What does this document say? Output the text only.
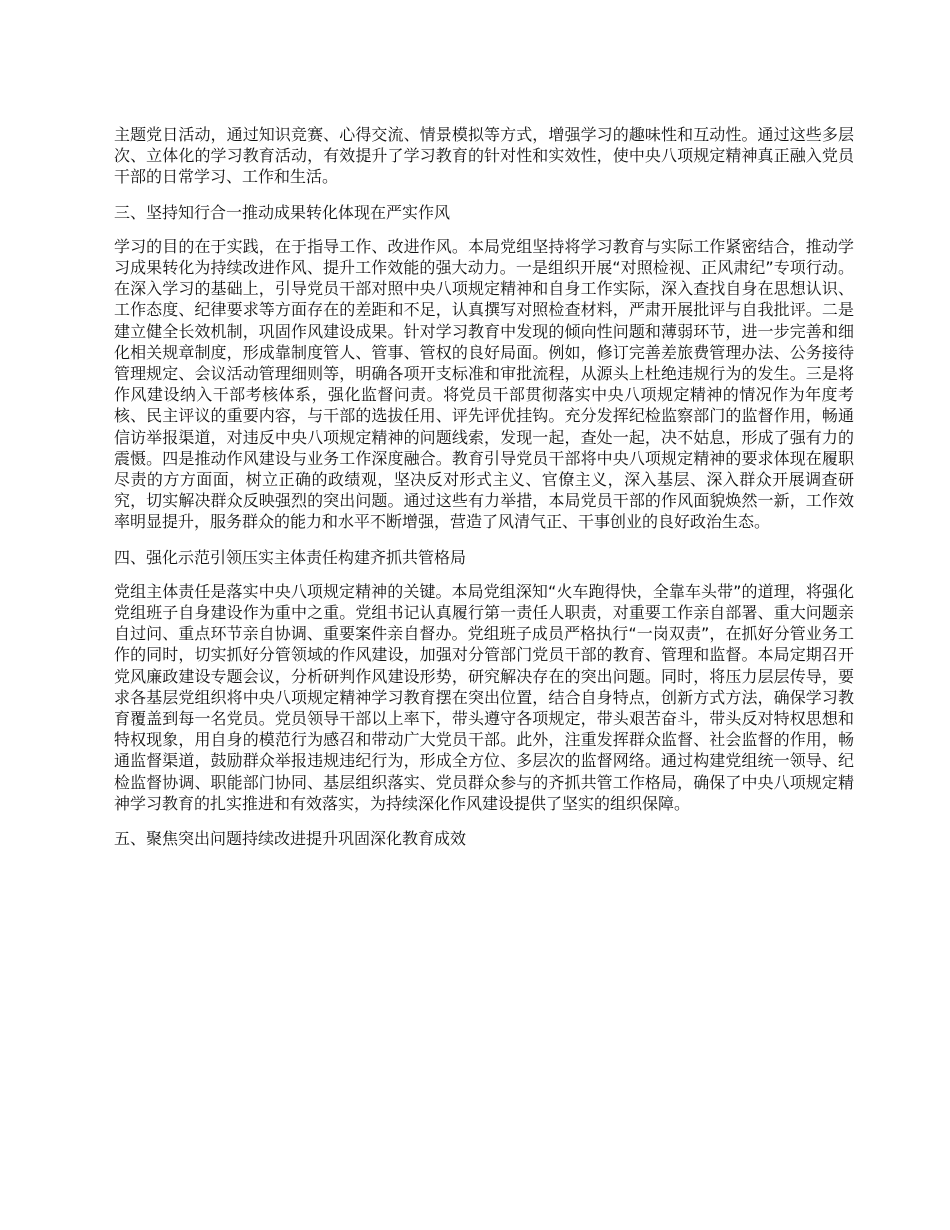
主题党日活动，通过知识竞赛、心得交流、情景模拟等方式，增强学习的趣味性和互动性。通过这些多层次、立体化的学习教育活动，有效提升了学习教育的针对性和实效性，使中央八项规定精神真正融入党员干部的日常学习、工作和生活。

三、坚持知行合一推动成果转化体现在严实作风

学习的目的在于实践，在于指导工作、改进作风。本局党组坚持将学习教育与实际工作紧密结合，推动学习成果转化为持续改进作风、提升工作效能的强大动力。一是组织开展“对照检视、正风肃纪”专项行动。在深入学习的基础上，引导党员干部对照中央八项规定精神和自身工作实际，深入查找自身在思想认识、工作态度、纪律要求等方面存在的差距和不足，认真撰写对照检查材料，严肃开展批评与自我批评。二是建立健全长效机制，巩固作风建设成果。针对学习教育中发现的倾向性问题和薄弱环节，进一步完善和细化相关规章制度，形成靠制度管人、管事、管权的良好局面。例如，修订完善差旅费管理办法、公务接待管理规定、会议活动管理细则等，明确各项开支标准和审批流程，从源头上杜绝违规行为的发生。三是将作风建设纳入干部考核体系，强化监督问责。将党员干部贯彻落实中央八项规定精神的情况作为年度考核、民主评议的重要内容，与干部的选拔任用、评先评优挂钩。充分发挥纪检监察部门的监督作用，畅通信访举报渠道，对违反中央八项规定精神的问题线索，发现一起，查处一起，决不姑息，形成了强有力的震慑。四是推动作风建设与业务工作深度融合。教育引导党员干部将中央八项规定精神的要求体现在履职尽责的方方面面，树立正确的政绩观，坚决反对形式主义、官僚主义，深入基层、深入群众开展调查研究，切实解决群众反映强烈的突出问题。通过这些有力举措，本局党员干部的作风面貌焕然一新，工作效率明显提升，服务群众的能力和水平不断增强，营造了风清气正、干事创业的良好政治生态。

四、强化示范引领压实主体责任构建齐抓共管格局

党组主体责任是落实中央八项规定精神的关键。本局党组深知“火车跑得快，全靠车头带”的道理，将强化党组班子自身建设作为重中之重。党组书记认真履行第一责任人职责，对重要工作亲自部署、重大问题亲自过问、重点环节亲自协调、重要案件亲自督办。党组班子成员严格执行“一岗双责”，在抓好分管业务工作的同时，切实抓好分管领域的作风建设，加强对分管部门党员干部的教育、管理和监督。本局定期召开党风廉政建设专题会议，分析研判作风建设形势，研究解决存在的突出问题。同时，将压力层层传导，要求各基层党组织将中央八项规定精神学习教育摆在突出位置，结合自身特点，创新方式方法，确保学习教育覆盖到每一名党员。党员领导干部以上率下，带头遵守各项规定，带头艰苦奋斗，带头反对特权思想和特权现象，用自身的模范行为感召和带动广大党员干部。此外，注重发挥群众监督、社会监督的作用，畅通监督渠道，鼓励群众举报违规违纪行为，形成全方位、多层次的监督网络。通过构建党组统一领导、纪检监督协调、职能部门协同、基层组织落实、党员群众参与的齐抓共管工作格局，确保了中央八项规定精神学习教育的扎实推进和有效落实，为持续深化作风建设提供了坚实的组织保障。

五、聚焦突出问题持续改进提升巩固深化教育成效
